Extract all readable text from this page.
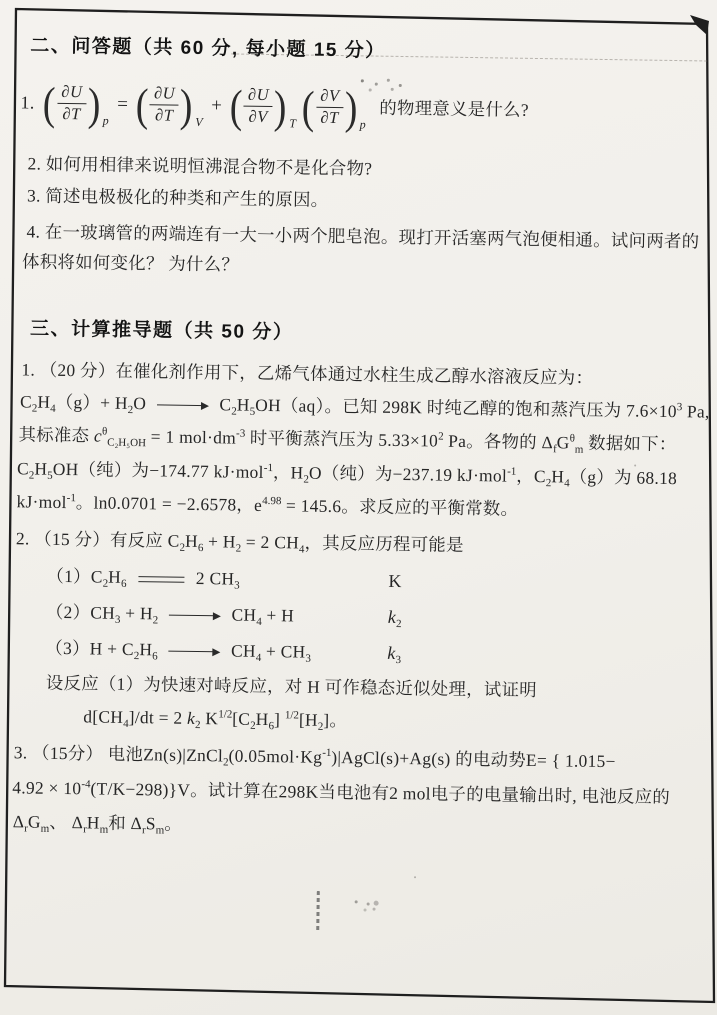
二、问答题（共 60 分, 每小题 15 分）
1. ( $\frac{\partial U}{\partial T}$ ) p
= ( $\frac{\partial U}{\partial T}$ ) V
+ ( $\frac{\partial U}{\partial V}$ ) T ( $\frac{\partial V}{\partial T}$ ) p
的物理意义是什么?
2. 如何用相律来说明恒沸混合物不是化合物?
3. 简述电极极化的种类和产生的原因。
4. 在一玻璃管的两端连有一大一小两个肥皂泡。现打开活塞两气泡便相通。试问两者的
体积将如何变化？ 为什么？
三、计算推导题（共 50 分）
1. （20 分）在催化剂作用下，乙烯气体通过水柱生成乙醇水溶液反应为：
$C_2H_4(g)+ H_2O$	$C_2H_5OH(aq)$。已知 298K 时纯乙醇的饱和蒸汽压为 $7.6\times 10^3$ Pa,
其标准态 $c^\theta_{C_2H_5OH} = 1$ $mol\cdot dm^{-3}$ 时平衡蒸汽压为 $5.33\times 10^2$ Pa。各物的 $\Delta_fG^\theta_m$ 数据如下：
$C_2H_5OH$（纯）为−174.77 kJ·mol$^{-1}$，$H_2O$（纯）为−237.19 kJ·mol$^{-1}$，$C_2H_4(g)$为 68.18
kJ·mol$^{-1}$。ln0.0701 = −2.6578，$e^{4.98} = 145.6$。求反应的平衡常数。
2. （15 分）有反应 $C_2H_6 + H_2 = 2$ $CH_4$，其反应历程可能是
$(1)C_2H_6$	2 $CH_3$	K
$(2)CH_3 + H_2$	$CH_4 + H$	$k_2$
$(3)H + C_2H_6$	$CH_4 + CH_3$	$k_3$
设反应（1）为快速对峙反应，对 H 可作稳态近似处理，试证明
$d[CH_4]/dt = 2$ $k_2$ $K^{1/2}[C_2H_6]$ $^{1/2}[H_2]$。
3. （15分） 电池$Zn(s)|ZnCl_2(0.05mol\cdot Kg^{-1})|AgCl(s)+Ag(s)$ 的电动势E= { 1.015−
$4.92 \times 10^{-4}(T/K-298)\}V$。试计算在298K当电池有2 mol电子的电量输出时, 电池反应的
$\Delta_rG_m$、 $\Delta_rH_m$和 $\Delta_rS_m$。
